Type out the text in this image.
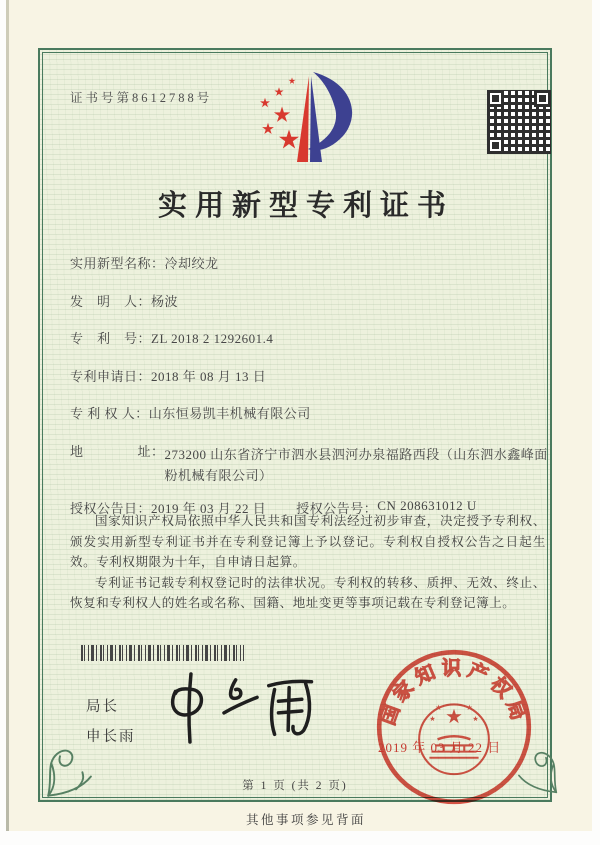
证书号第8612788号
实用新型专利证书
实用新型名称： 冷却绞龙
发　明　人： 杨波
专　利　号： ZL 2018 2 1292601.4
专利申请日： 2018 年 08 月 13 日
专 利 权 人： 山东恒易凯丰机械有限公司
地　　　　址： 273200 山东省济宁市泗水县泗河办泉福路西段（山东泗水鑫峰面粉机械有限公司）
授权公告日： 2019 年 03 月 22 日 授权公告号： CN 208631012 U

国家知识产权局依照中华人民共和国专利法经过初步审查，决定授予专利权、颁发实用新型专利证书并在专利登记簿上予以登记。专利权自授权公告之日起生效。专利权期限为十年，自申请日起算。

专利证书记载专利权登记时的法律状况。专利权的转移、质押、无效、终止、恢复和专利权人的姓名或名称、国籍、地址变更等事项记载在专利登记簿上。

局长
申长雨
国家知识产权局
2019 年 03 月 22 日
第 1 页 (共 2 页)
其他事项参见背面
